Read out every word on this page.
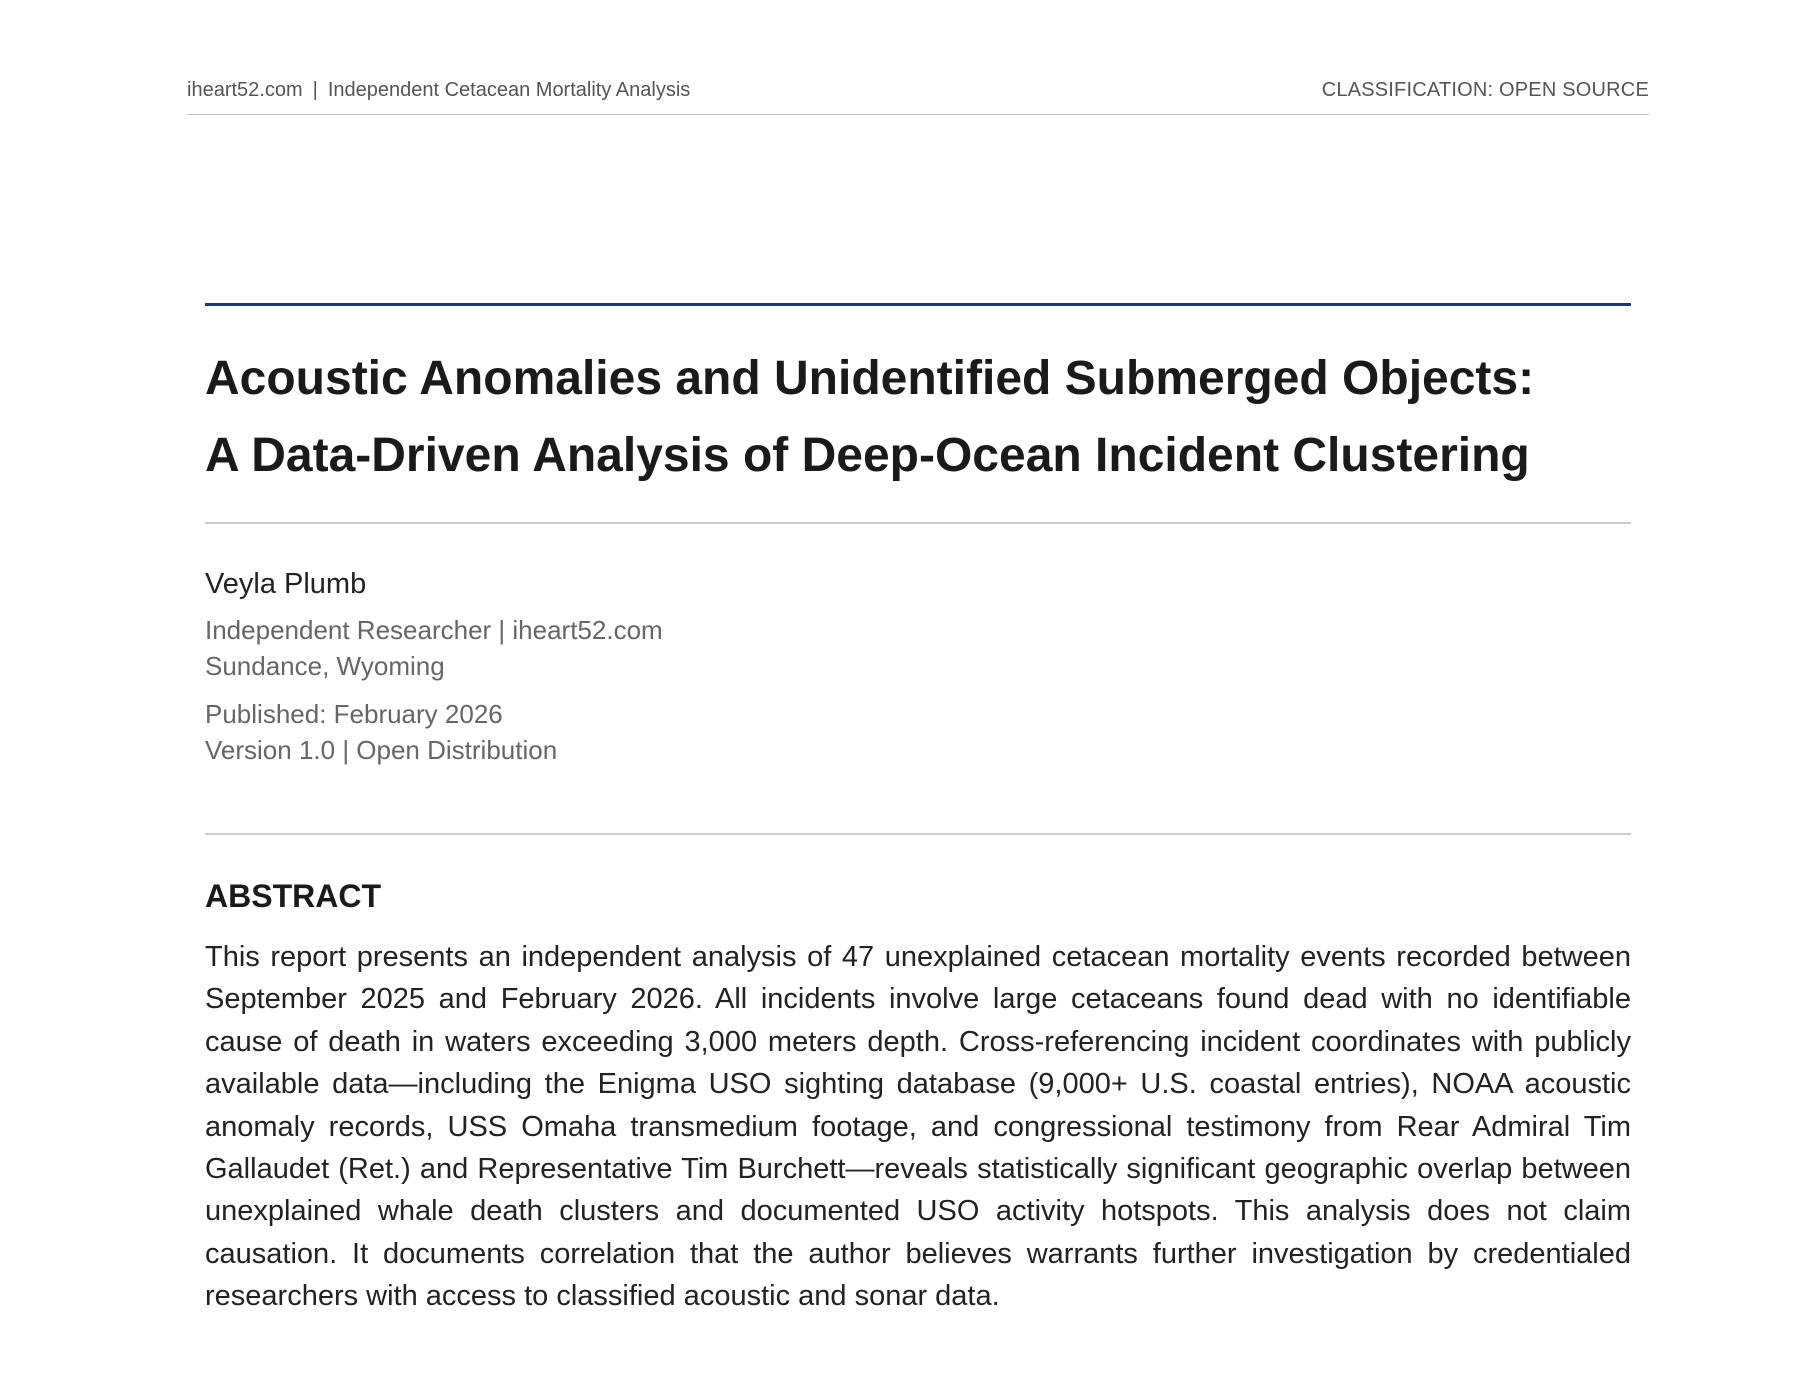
iheart52.com | Independent Cetacean Mortality Analysis	CLASSIFICATION: OPEN SOURCE
Acoustic Anomalies and Unidentified Submerged Objects:
A Data-Driven Analysis of Deep-Ocean Incident Clustering
Veyla Plumb
Independent Researcher | iheart52.com
Sundance, Wyoming
Published: February 2026
Version 1.0 | Open Distribution
ABSTRACT

This report presents an independent analysis of 47 unexplained cetacean mortality events recorded between September 2025 and February 2026. All incidents involve large cetaceans found dead with no identifiable cause of death in waters exceeding 3,000 meters depth. Cross-referencing incident coordinates with publicly available data—including the Enigma USO sighting database (9,000+ U.S. coastal entries), NOAA acoustic anomaly records, USS Omaha transmedium footage, and congressional testimony from Rear Admiral Tim Gallaudet (Ret.) and Representative Tim Burchett—reveals statistically significant geographic overlap between unexplained whale death clusters and documented USO activity hotspots. This analysis does not claim causation. It documents correlation that the author believes warrants further investigation by credentialed researchers with access to classified acoustic and sonar data.
